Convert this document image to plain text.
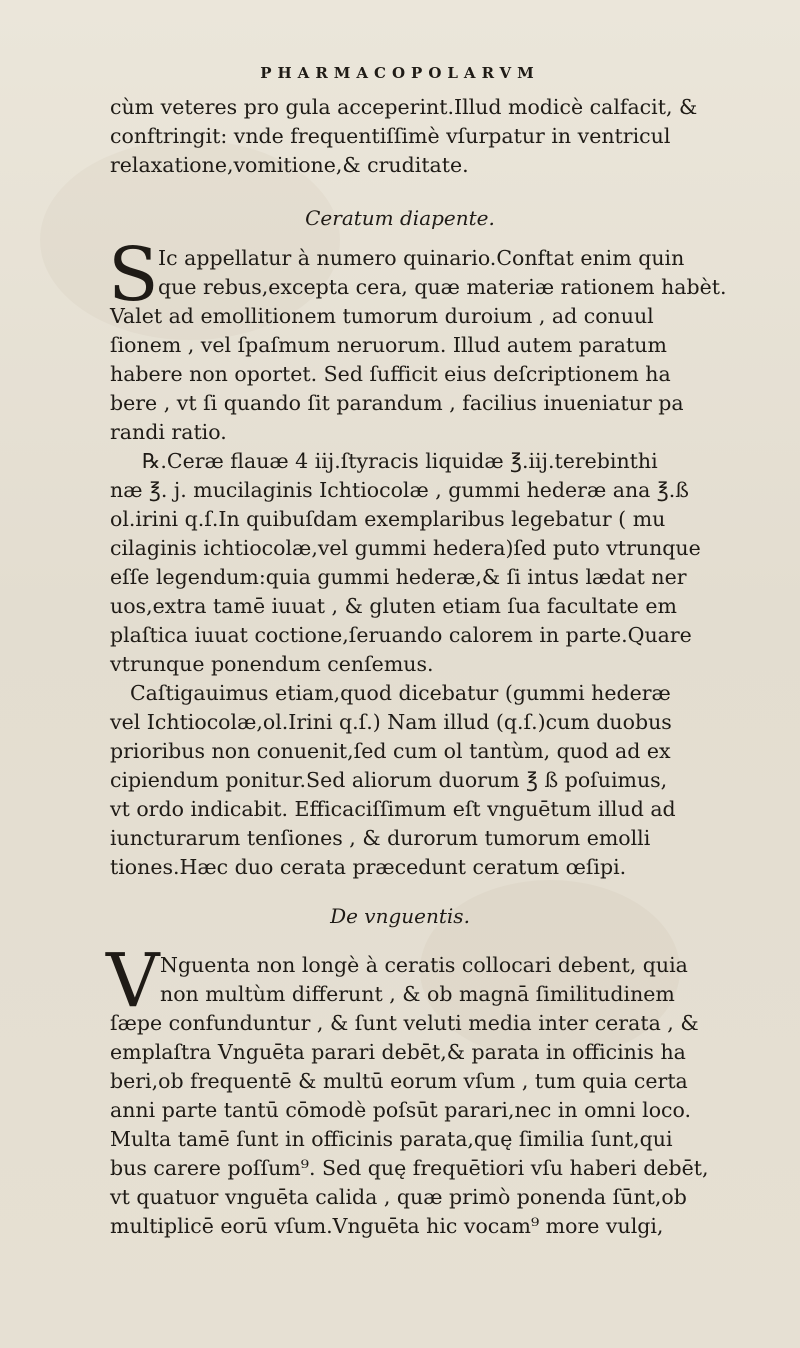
PHARMACOPOLARVM
cùm veteres pro gula acceperint.Illud modicè calfacit, &
conftringit: vnde frequentiſſimè vſurpatur in ventricul
relaxatione,vomitione,& cruditate.
Ceratum diapente.
S Ic appellatur à numero quinario.Conftat enim quin
que rebus,excepta cera, quæ materiæ rationem habèt.
Valet ad emollitionem tumorum duroium , ad conuul
ſionem , vel ſpaſmum neruorum. Illud autem paratum
habere non oportet. Sed ſufficit eius deſcriptionem ha
bere , vt ſi quando ſit parandum , facilius inueniatur pa
randi ratio.
℞.Ceræ flauæ 4 iij.ſtyracis liquidæ ℥.iij.terebinthi
næ ℥. j. mucilaginis Ichtiocolæ , gummi hederæ ana ℥.ß
ol.irini q.ſ.In quibuſdam exemplaribus legebatur ( mu
cilaginis ichtiocolæ,vel gummi hedera)ſed puto vtrunque
eſſe legendum:quia gummi hederæ,& ſi intus lædat ner
uos,extra tamē iuuat , & gluten etiam ſua facultate em
plaſtica iuuat coctione,ſeruando calorem in parte.Quare
vtrunque ponendum cenſemus.
Caſtigauimus etiam,quod dicebatur (gummi hederæ
vel Ichtiocolæ,ol.Irini q.ſ.) Nam illud (q.ſ.)cum duobus
prioribus non conuenit,ſed cum ol tantùm, quod ad ex
cipiendum ponitur.Sed aliorum duorum ℥ ß poſuimus,
vt ordo indicabit. Efficaciſſimum eſt vnguētum illud ad
iuncturarum tenſiones , & durorum tumorum emolli
tiones.Hæc duo cerata præcedunt ceratum œſipi.
De vnguentis.
V Nguenta non longè à ceratis collocari debent, quia
non multùm differunt , & ob magnā ſimilitudinem
ſæpe confunduntur , & ſunt veluti media inter cerata , &
emplaſtra Vnguēta parari debēt,& parata in officinis ha
beri,ob frequentē & multū eorum vſum , tum quia certa
anni parte tantū cōmodè poſsūt parari,nec in omni loco.
Multa tamē ſunt in officinis parata,quę ſimilia ſunt,qui
bus carere poſſum⁹. Sed quę frequētiori vſu haberi debēt,
vt quatuor vnguēta calida , quæ primò ponenda ſūnt,ob
multiplicē eorū vſum.Vnguēta hic vocam⁹ more vulgi,
